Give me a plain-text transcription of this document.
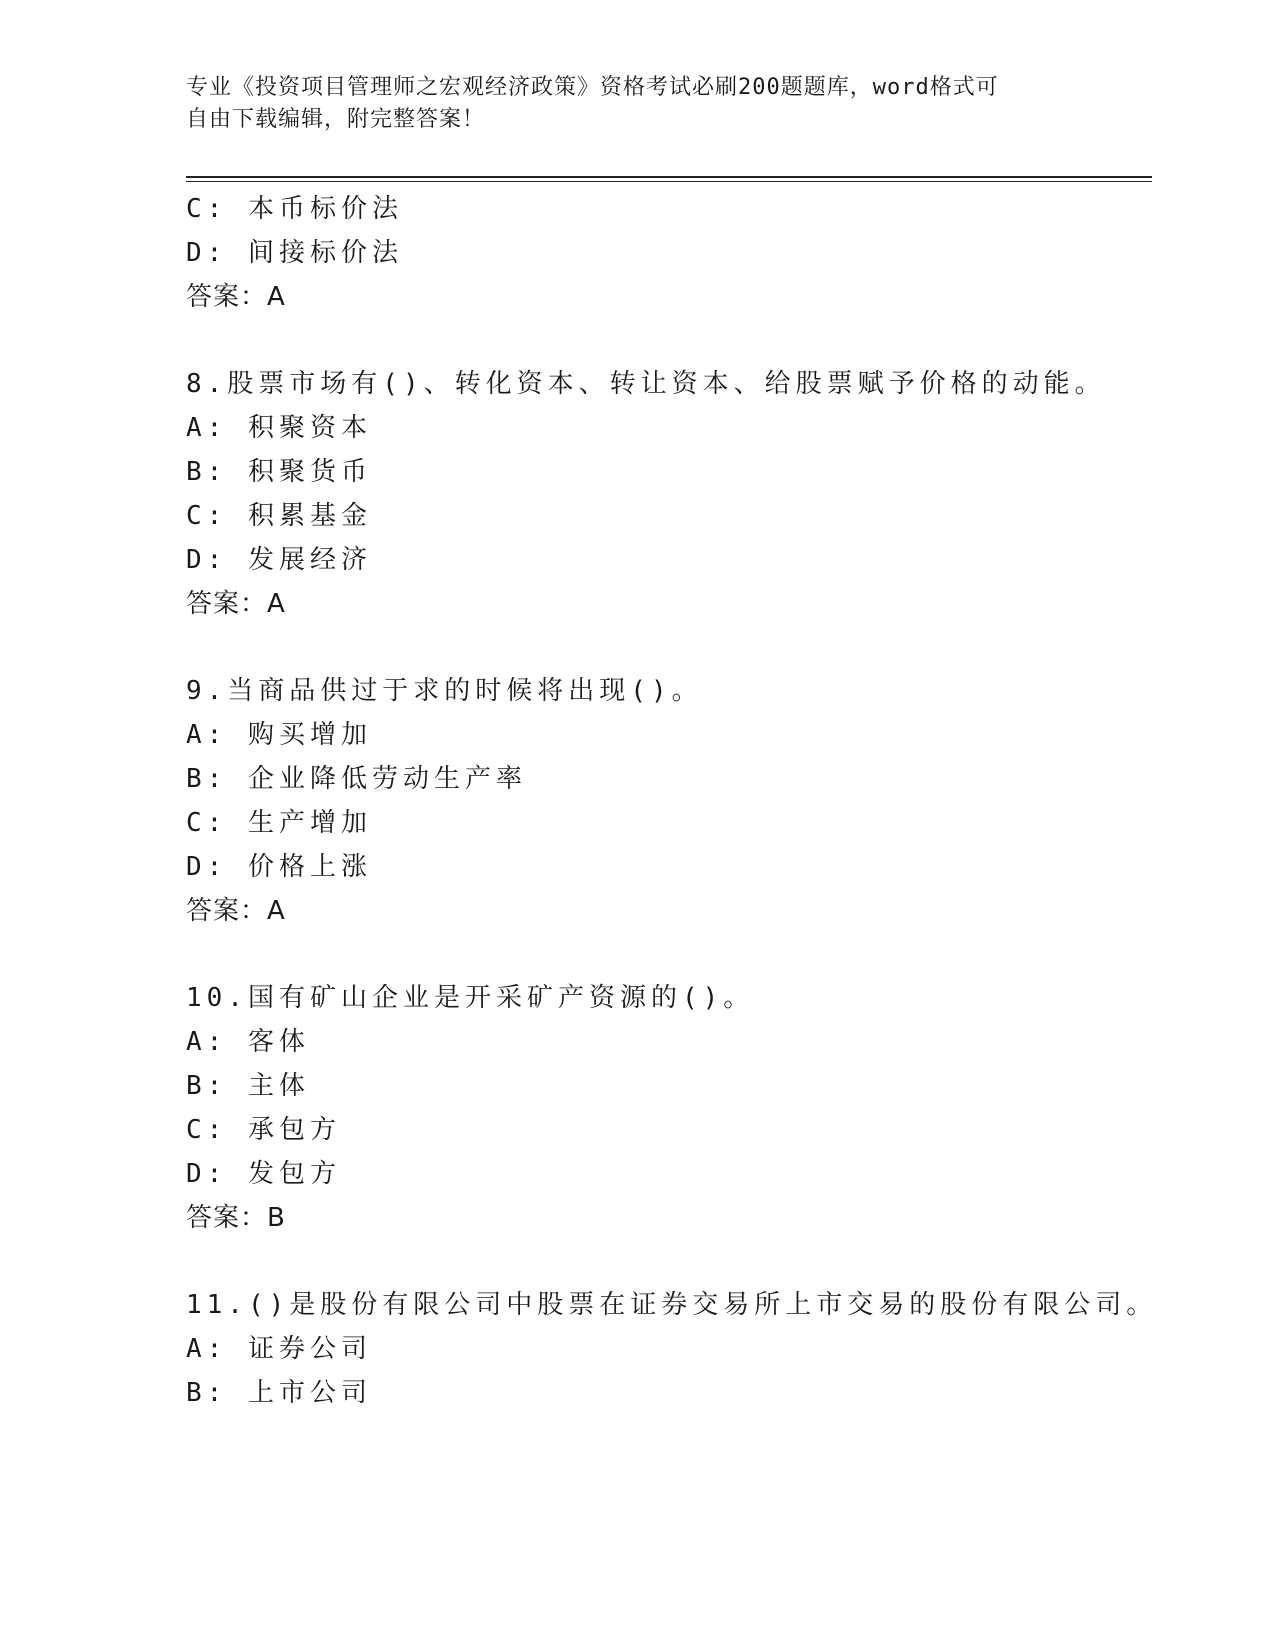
专业《投资项目管理师之宏观经济政策》资格考试必刷200题题库，word格式可
自由下载编辑，附完整答案！
C: 本币标价法
D: 间接标价法
答案：A
8.股票市场有()、转化资本、转让资本、给股票赋予价格的动能。
A: 积聚资本
B: 积聚货币
C: 积累基金
D: 发展经济
答案：A
9.当商品供过于求的时候将出现()。
A: 购买增加
B: 企业降低劳动生产率
C: 生产增加
D: 价格上涨
答案：A
10.国有矿山企业是开采矿产资源的()。
A: 客体
B: 主体
C: 承包方
D: 发包方
答案：B
11.()是股份有限公司中股票在证券交易所上市交易的股份有限公司。
A: 证券公司
B: 上市公司
